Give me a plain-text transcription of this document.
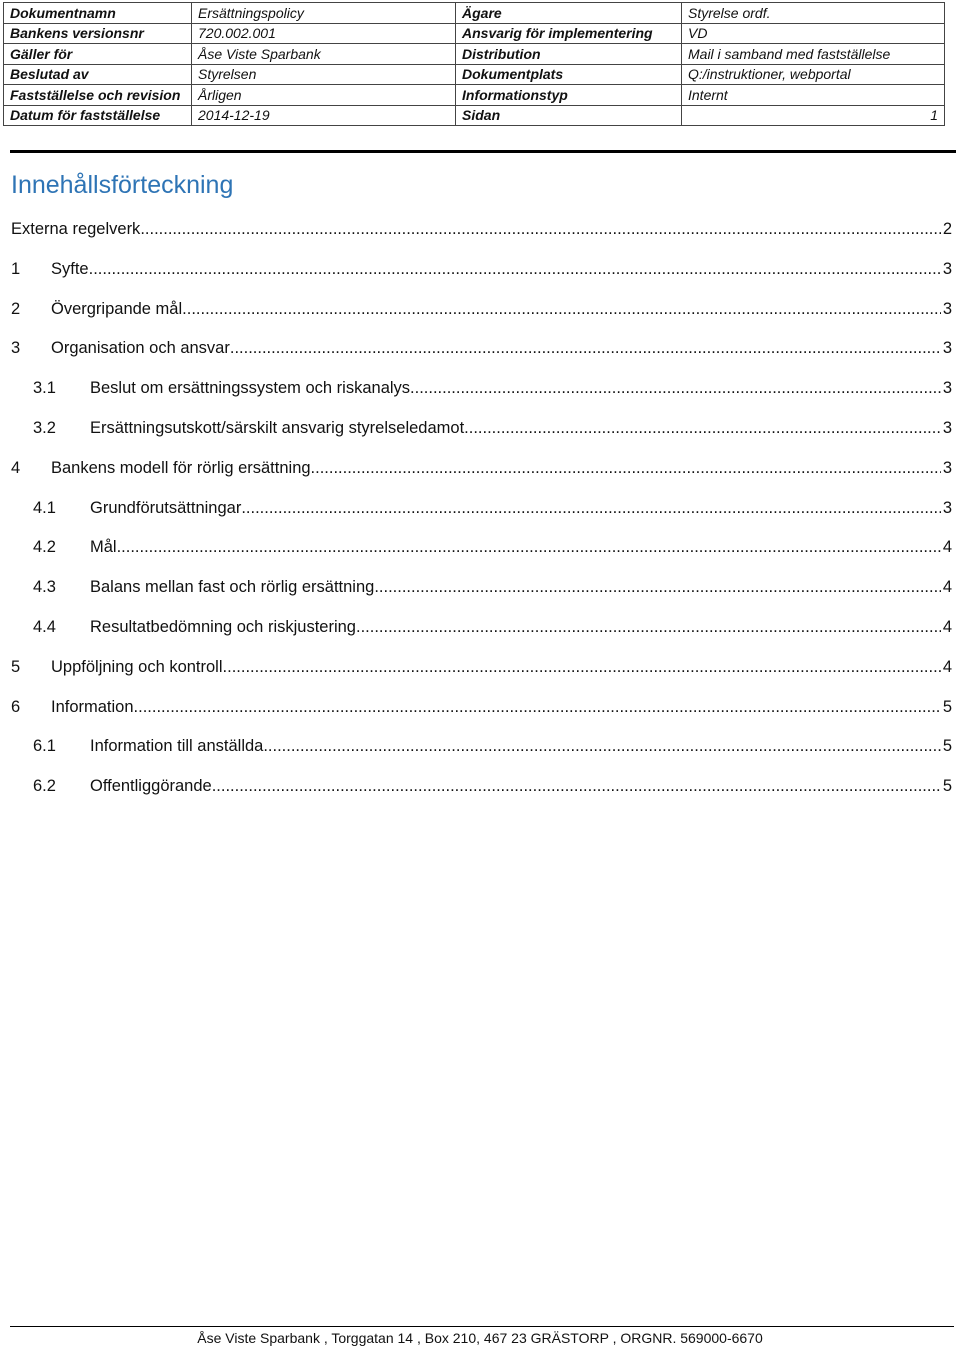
Dokumentnamn	Ersättningspolicy	Ägare	Styrelse ordf.
Bankens versionsnr	720.002.001	Ansvarig för implementering	VD
Gäller för	Åse Viste Sparbank	Distribution	Mail i samband med fastställelse
Beslutad av	Styrelsen	Dokumentplats	Q:/instruktioner, webportal
Fastställelse och revision	Årligen	Informationstyp	Internt
Datum för fastställelse	2014-12-19	Sidan	1
Innehållsförteckning
Externa regelverk .....	2
1	Syfte .....	3
2	Övergripande mål .....	3
3	Organisation och ansvar .....	3
3.1	Beslut om ersättningssystem och riskanalys .....	3
3.2	Ersättningsutskott/särskilt ansvarig styrelseledamot .....	3
4	Bankens modell för rörlig ersättning .....	3
4.1	Grundförutsättningar .....	3
4.2	Mål .....	4
4.3	Balans mellan fast och rörlig ersättning .....	4
4.4	Resultatbedömning och riskjustering .....	4
5	Uppföljning och kontroll .....	4
6	Information .....	5
6.1	Information till anställda .....	5
6.2	Offentliggörande .....	5
Åse Viste Sparbank , Torggatan 14 , Box 210, 467 23 GRÄSTORP , ORGNR. 569000-6670
